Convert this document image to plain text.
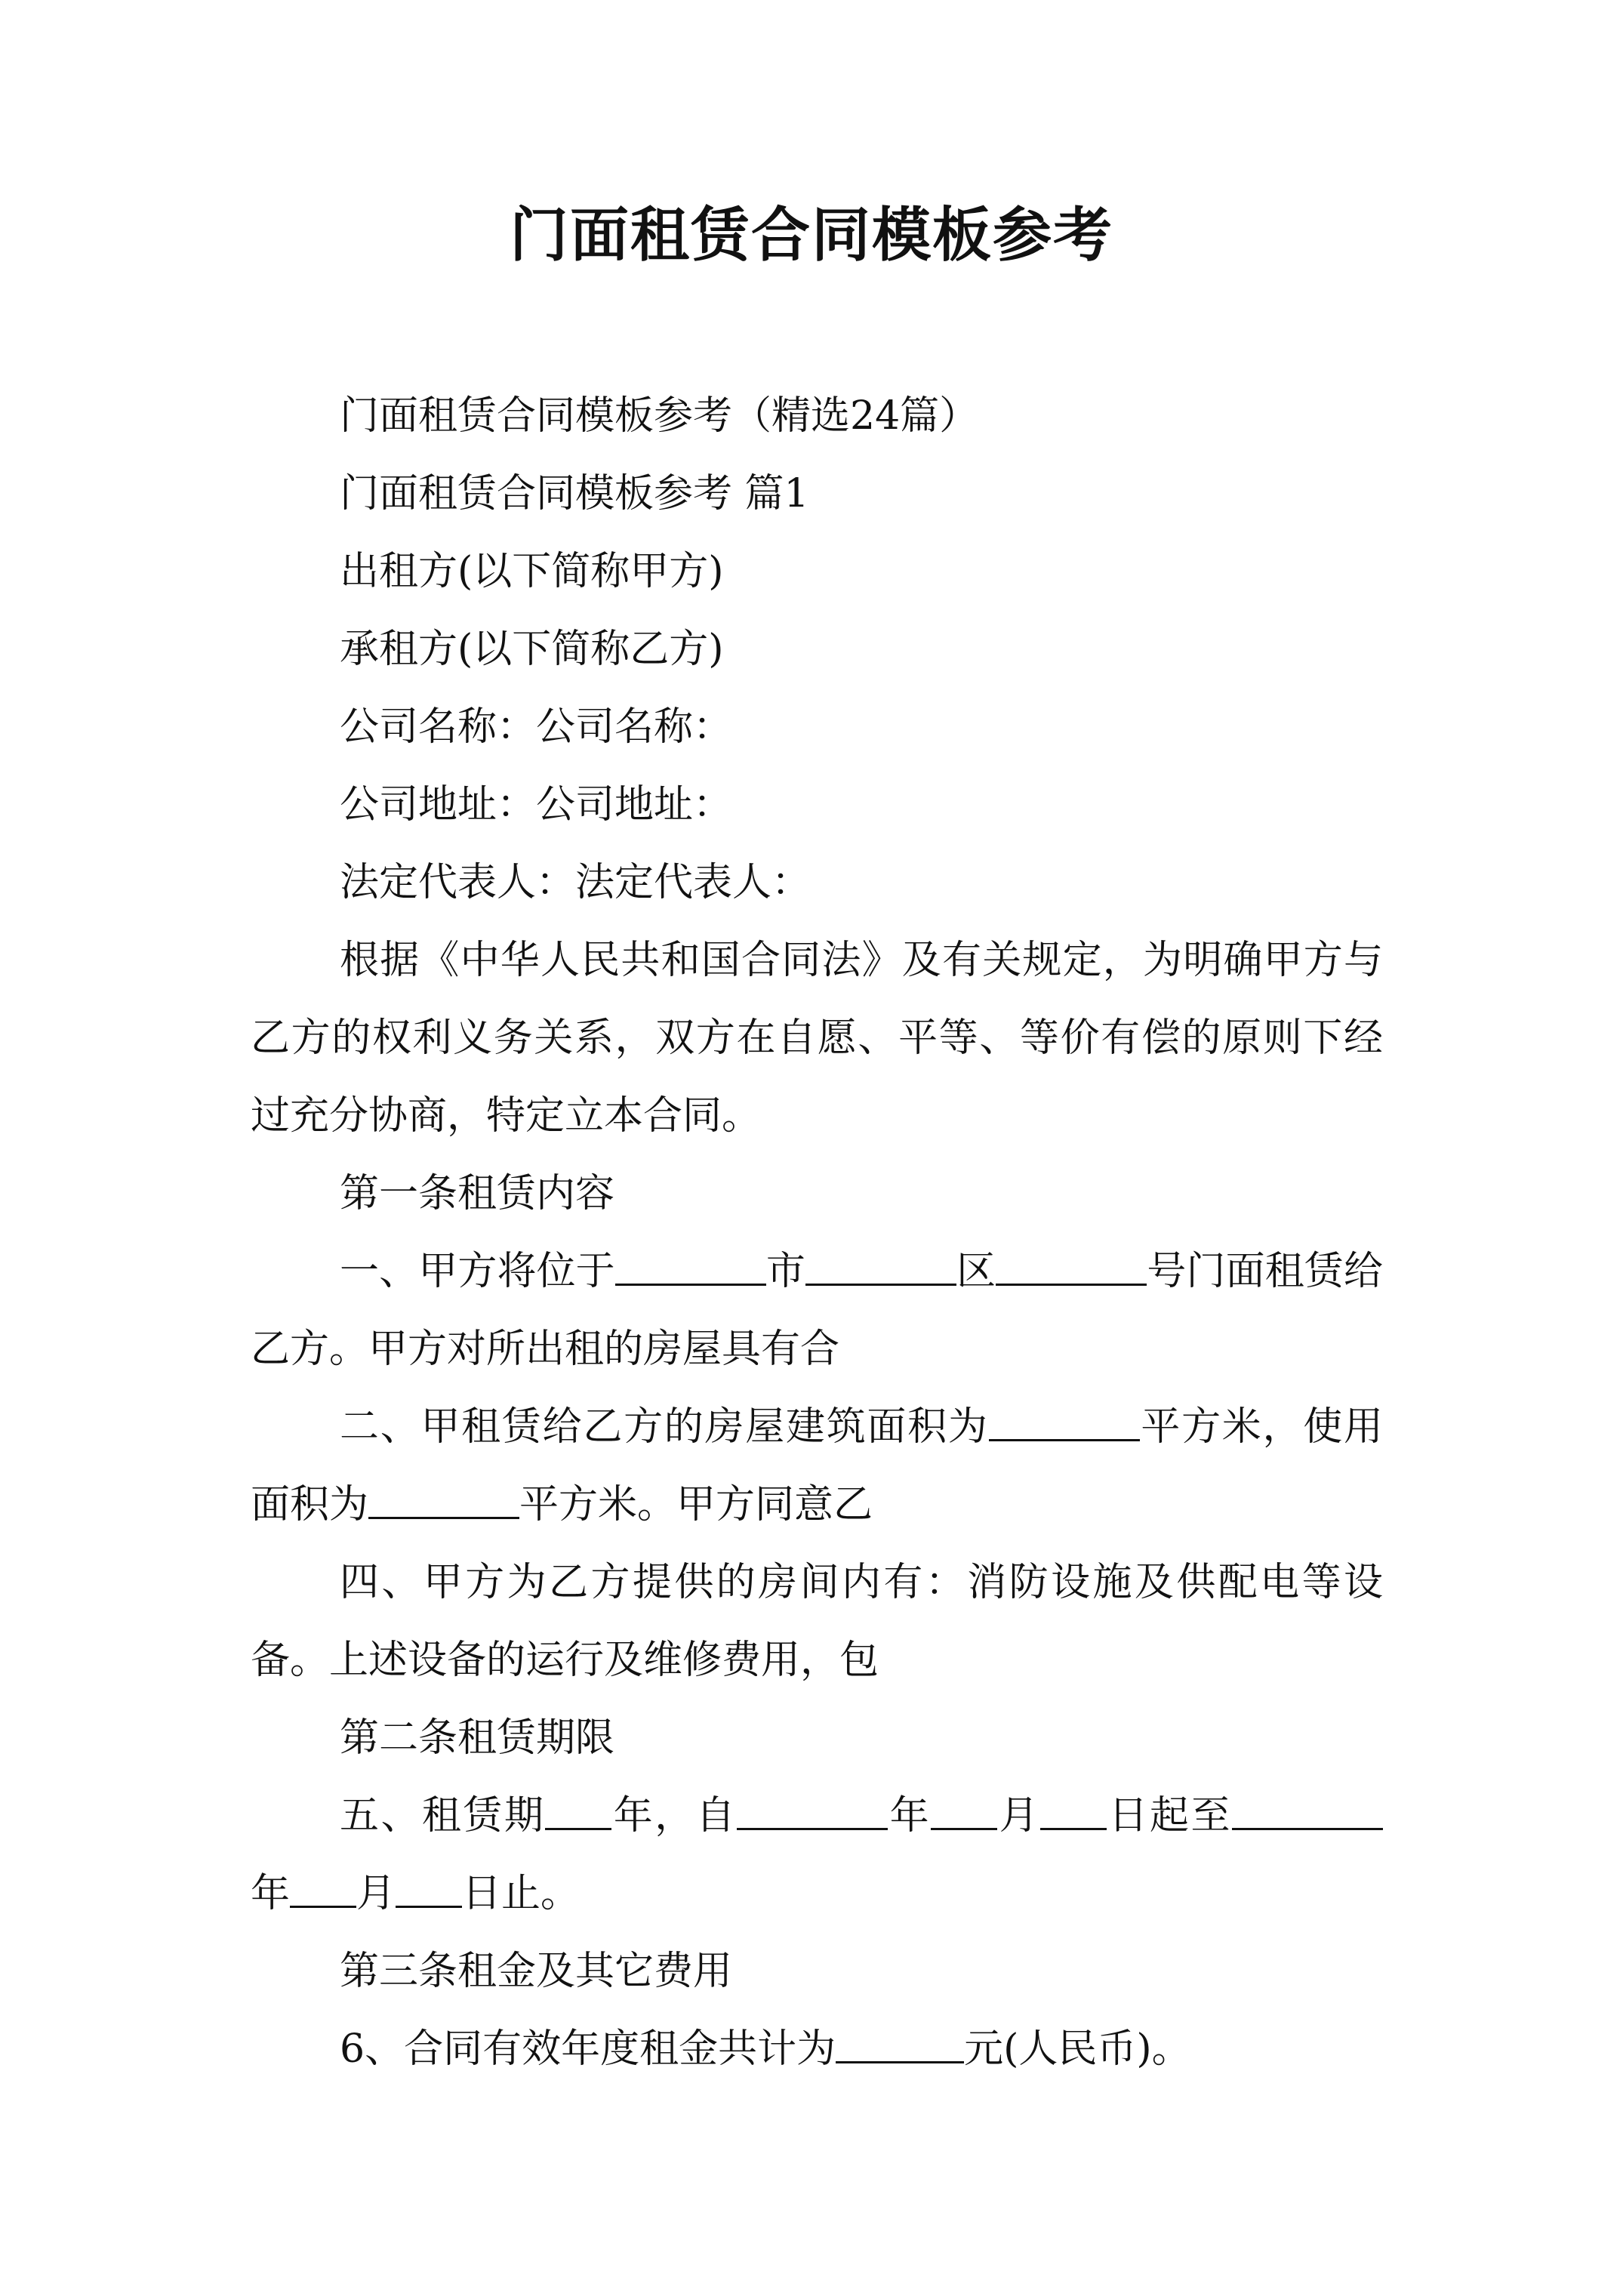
门面租赁合同模板参考

门面租赁合同模板参考（精选24篇）

门面租赁合同模板参考 篇1

出租方(以下简称甲方)

承租方(以下简称乙方)

公司名称：公司名称：

公司地址：公司地址：

法定代表人：法定代表人：

根据《中华人民共和国合同法》及有关规定，为明确甲方与乙方的权利义务关系，双方在自愿、平等、等价有偿的原则下经过充分协商，特定立本合同。

第一条租赁内容

一、甲方将位于	市	区	号门面租赁给乙方。甲方对所出租的房屋具有合

二、甲租赁给乙方的房屋建筑面积为	平方米，使用面积为	平方米。甲方同意乙

四、甲方为乙方提供的房间内有：消防设施及供配电等设备。上述设备的运行及维修费用，包

第二条租赁期限

五、租赁期 年，自	年 月 日起至年 月 日止。

第三条租金及其它费用

6、合同有效年度租金共计为	元(人民币)。
